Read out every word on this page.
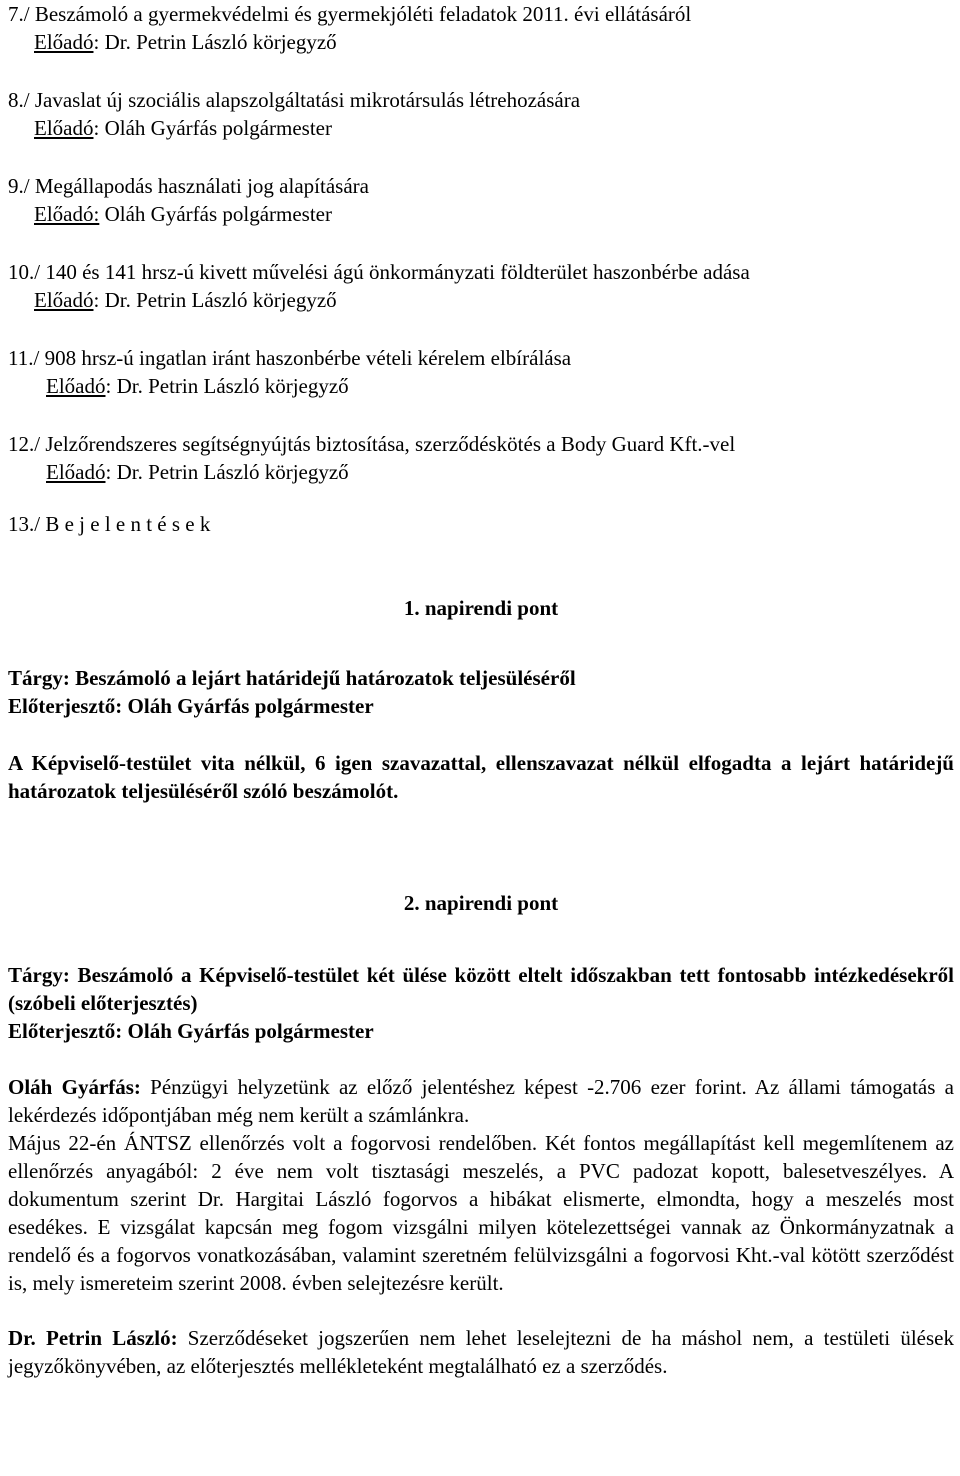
7./ Beszámoló a gyermekvédelmi és gyermekjóléti feladatok 2011. évi ellátásáról
Előadó: Dr. Petrin László körjegyző
8./ Javaslat új szociális alapszolgáltatási mikrotársulás létrehozására
Előadó: Oláh Gyárfás polgármester
9./ Megállapodás használati jog alapítására
Előadó: Oláh Gyárfás polgármester
10./ 140 és 141 hrsz-ú kivett művelési ágú önkormányzati földterület haszonbérbe adása
Előadó: Dr. Petrin László körjegyző
11./ 908 hrsz-ú ingatlan iránt haszonbérbe vételi kérelem elbírálása
Előadó: Dr. Petrin László körjegyző
12./ Jelzőrendszeres segítségnyújtás biztosítása, szerződéskötés a Body Guard Kft.-vel
Előadó: Dr. Petrin László körjegyző
13./ B e j e l e n t é s e k
1. napirendi pont
Tárgy: Beszámoló a lejárt határidejű határozatok teljesüléséről
Előterjesztő: Oláh Gyárfás polgármester
A Képviselő-testület vita nélkül, 6 igen szavazattal, ellenszavazat nélkül elfogadta a lejárt határidejű határozatok teljesüléséről szóló beszámolót.
2. napirendi pont
Tárgy: Beszámoló a Képviselő-testület két ülése között eltelt időszakban tett fontosabb intézkedésekről (szóbeli előterjesztés)
Előterjesztő: Oláh Gyárfás polgármester
Oláh Gyárfás: Pénzügyi helyzetünk az előző jelentéshez képest -2.706 ezer forint. Az állami támogatás a lekérdezés időpontjában még nem került a számlánkra.
Május 22-én ÁNTSZ ellenőrzés volt a fogorvosi rendelőben. Két fontos megállapítást kell megemlítenem az ellenőrzés anyagából: 2 éve nem volt tisztasági meszelés, a PVC padozat kopott, balesetveszélyes. A dokumentum szerint Dr. Hargitai László fogorvos a hibákat elismerte, elmondta, hogy a meszelés most esedékes. E vizsgálat kapcsán meg fogom vizsgálni milyen kötelezettségei vannak az Önkormányzatnak a rendelő és a fogorvos vonatkozásában, valamint szeretném felülvizsgálni a fogorvosi Kht.-val kötött szerződést is, mely ismereteim szerint 2008. évben selejtezésre került.
Dr. Petrin László: Szerződéseket jogszerűen nem lehet leselejtezni de ha máshol nem, a testületi ülések jegyzőkönyvében, az előterjesztés mellékleteként megtalálható ez a szerződés.
